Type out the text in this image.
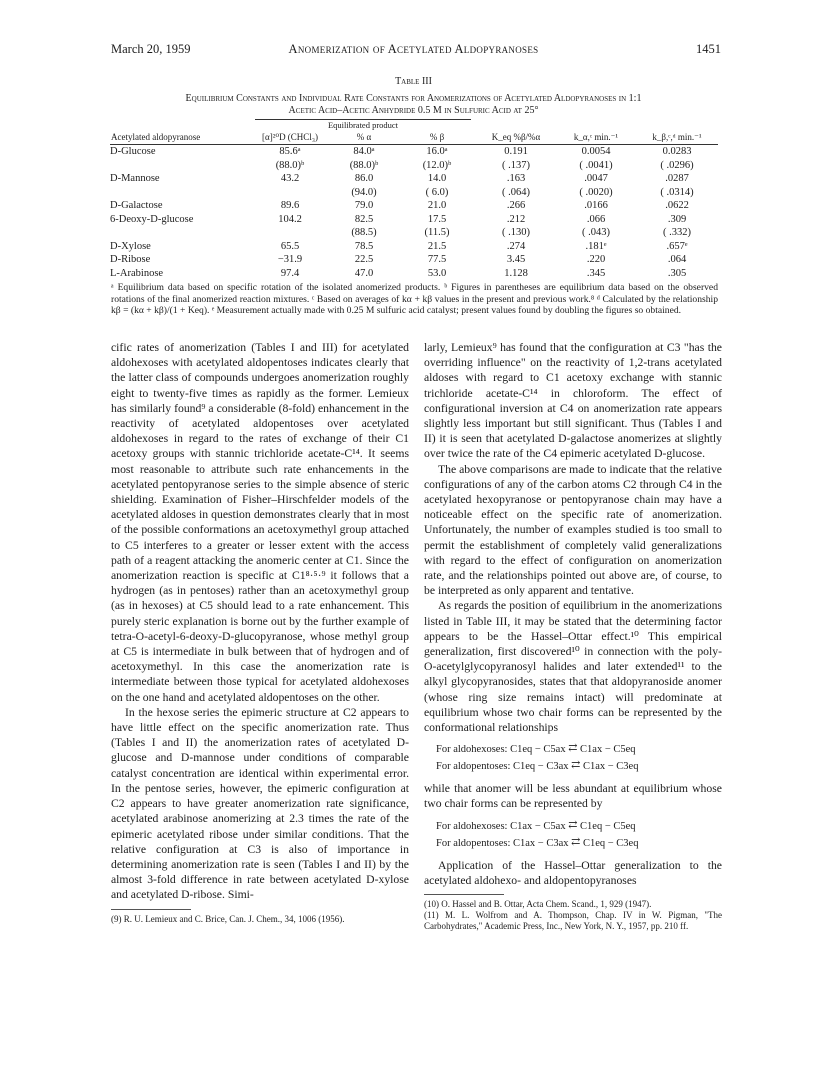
March 20, 1959	Anomerization of Acetylated Aldopyranoses	1451
Table III
Equilibrium Constants and Individual Rate Constants for Anomerizations of Acetylated Aldopyranoses in 1:1
Acetic Acid–Acetic Anhydride 0.5 M in Sulfuric Acid at 25°

	Equilibrated product					

Acetylated aldopyranose	[α]²⁰D (CHCl₃)	% α	% β	K_eq %β/%α	k_α,ᶜ min.⁻¹	k_β,ᶜ,ᵈ min.⁻¹
D-Glucose	85.6ᵃ	84.0ᵃ	16.0ᵃ	0.191	0.0054	0.0283
	(88.0)ᵇ	(88.0)ᵇ	(12.0)ᵇ	( .137)	( .0041)	( .0296)
D-Mannose	43.2	86.0	14.0	.163	.0047	.0287
		(94.0)	( 6.0)	( .064)	( .0020)	( .0314)
D-Galactose	89.6	79.0	21.0	.266	.0166	.0622
6-Deoxy-D-glucose	104.2	82.5	17.5	.212	.066	.309
		(88.5)	(11.5)	( .130)	( .043)	( .332)
D-Xylose	65.5	78.5	21.5	.274	.181ᵉ	.657ᵉ
D-Ribose	−31.9	22.5	77.5	3.45	.220	.064
L-Arabinose	97.4	47.0	53.0	1.128	.345	.305
ᵃ Equilibrium data based on specific rotation of the isolated anomerized products. ᵇ Figures in parentheses are equilibrium data based on the observed rotations of the final anomerized reaction mixtures. ᶜ Based on averages of kα + kβ values in the present and previous work.⁸ ᵈ Calculated by the relationship kβ = (kα + kβ)/(1 + Keq). ᵉ Measurement actually made with 0.25 M sulfuric acid catalyst; present values found by doubling the figures so obtained.

cific rates of anomerization (Tables I and III) for acetylated aldohexoses with acetylated aldopentoses indicates clearly that the latter class of compounds undergoes anomerization roughly eight to twenty-five times as rapidly as the former. Lemieux has similarly found⁹ a considerable (8-fold) enhancement in the reactivity of acetylated aldopentoses over acetylated aldohexoses in regard to the rates of exchange of their C1 acetoxy groups with stannic trichloride acetate-C¹⁴. It seems most reasonable to attribute such rate enhancements in the acetylated pentopyranose series to the simple absence of steric shielding. Examination of Fisher–Hirschfelder models of the acetylated aldoses in question demonstrates clearly that in most of the possible conformations an acetoxymethyl group attached to C5 interferes to a greater or lesser extent with the access path of a reagent attacking the anomeric center at C1. Since the anomerization reaction is specific at C1⁸·⁵·⁹ it follows that a hydrogen (as in pentoses) rather than an acetoxymethyl group (as in hexoses) at C5 should lead to a rate enhancement. This purely steric explanation is borne out by the further example of tetra-O-acetyl-6-deoxy-D-glucopyranose, whose methyl group at C5 is intermediate in bulk between that of hydrogen and of acetoxymethyl. In this case the anomerization rate is intermediate between those typical for acetylated aldohexoses on the one hand and acetylated aldopentoses on the other.

In the hexose series the epimeric structure at C2 appears to have little effect on the specific anomerization rate. Thus (Tables I and II) the anomerization rates of acetylated D-glucose and D-mannose under conditions of comparable catalyst concentration are identical within experimental error. In the pentose series, however, the epimeric configuration at C2 appears to have greater anomerization rate significance, acetylated arabinose anomerizing at 2.3 times the rate of the epimeric acetylated ribose under similar conditions. That the relative configuration at C3 is also of importance in determining anomerization rate is seen (Tables I and II) by the almost 3-fold difference in rate between acetylated D-xylose and acetylated D-ribose. Simi-

(9) R. U. Lemieux and C. Brice, Can. J. Chem., 34, 1006 (1956).

larly, Lemieux⁹ has found that the configuration at C3 "has the overriding influence" on the reactivity of 1,2-trans acetylated aldoses with regard to C1 acetoxy exchange with stannic trichloride acetate-C¹⁴ in chloroform. The effect of configurational inversion at C4 on anomerization rate appears slightly less important but still significant. Thus (Tables I and II) it is seen that acetylated D-galactose anomerizes at slightly over twice the rate of the C4 epimeric acetylated D-glucose.

The above comparisons are made to indicate that the relative configurations of any of the carbon atoms C2 through C4 in the acetylated hexopyranose or pentopyranose chain may have a noticeable effect on the specific rate of anomerization. Unfortunately, the number of examples studied is too small to permit the establishment of completely valid generalizations with regard to the effect of configuration on anomerization rate, and the relationships pointed out above are, of course, to be interpreted as only apparent and tentative.

As regards the position of equilibrium in the anomerizations listed in Table III, it may be stated that the determining factor appears to be the Hassel–Ottar effect.¹⁰ This empirical generalization, first discovered¹⁰ in connection with the poly-O-acetylglycopyranosyl halides and later extended¹¹ to the alkyl glycopyranosides, states that that aldopyranoside anomer (whose ring size remains intact) will predominate at equilibrium whose two chair forms can be represented by the conformational relationships

For aldohexoses: C1eq − C5ax ⇄ C1ax − C5eq
For aldopentoses: C1eq − C3ax ⇄ C1ax − C3eq

while that anomer will be less abundant at equilibrium whose two chair forms can be represented by

For aldohexoses: C1ax − C5ax ⇄ C1eq − C5eq
For aldopentoses: C1ax − C3ax ⇄ C1eq − C3eq

Application of the Hassel–Ottar generalization to the acetylated aldohexo- and aldopentopyranoses

(10) O. Hassel and B. Ottar, Acta Chem. Scand., 1, 929 (1947).

(11) M. L. Wolfrom and A. Thompson, Chap. IV in W. Pigman, "The Carbohydrates," Academic Press, Inc., New York, N. Y., 1957, pp. 210 ff.
